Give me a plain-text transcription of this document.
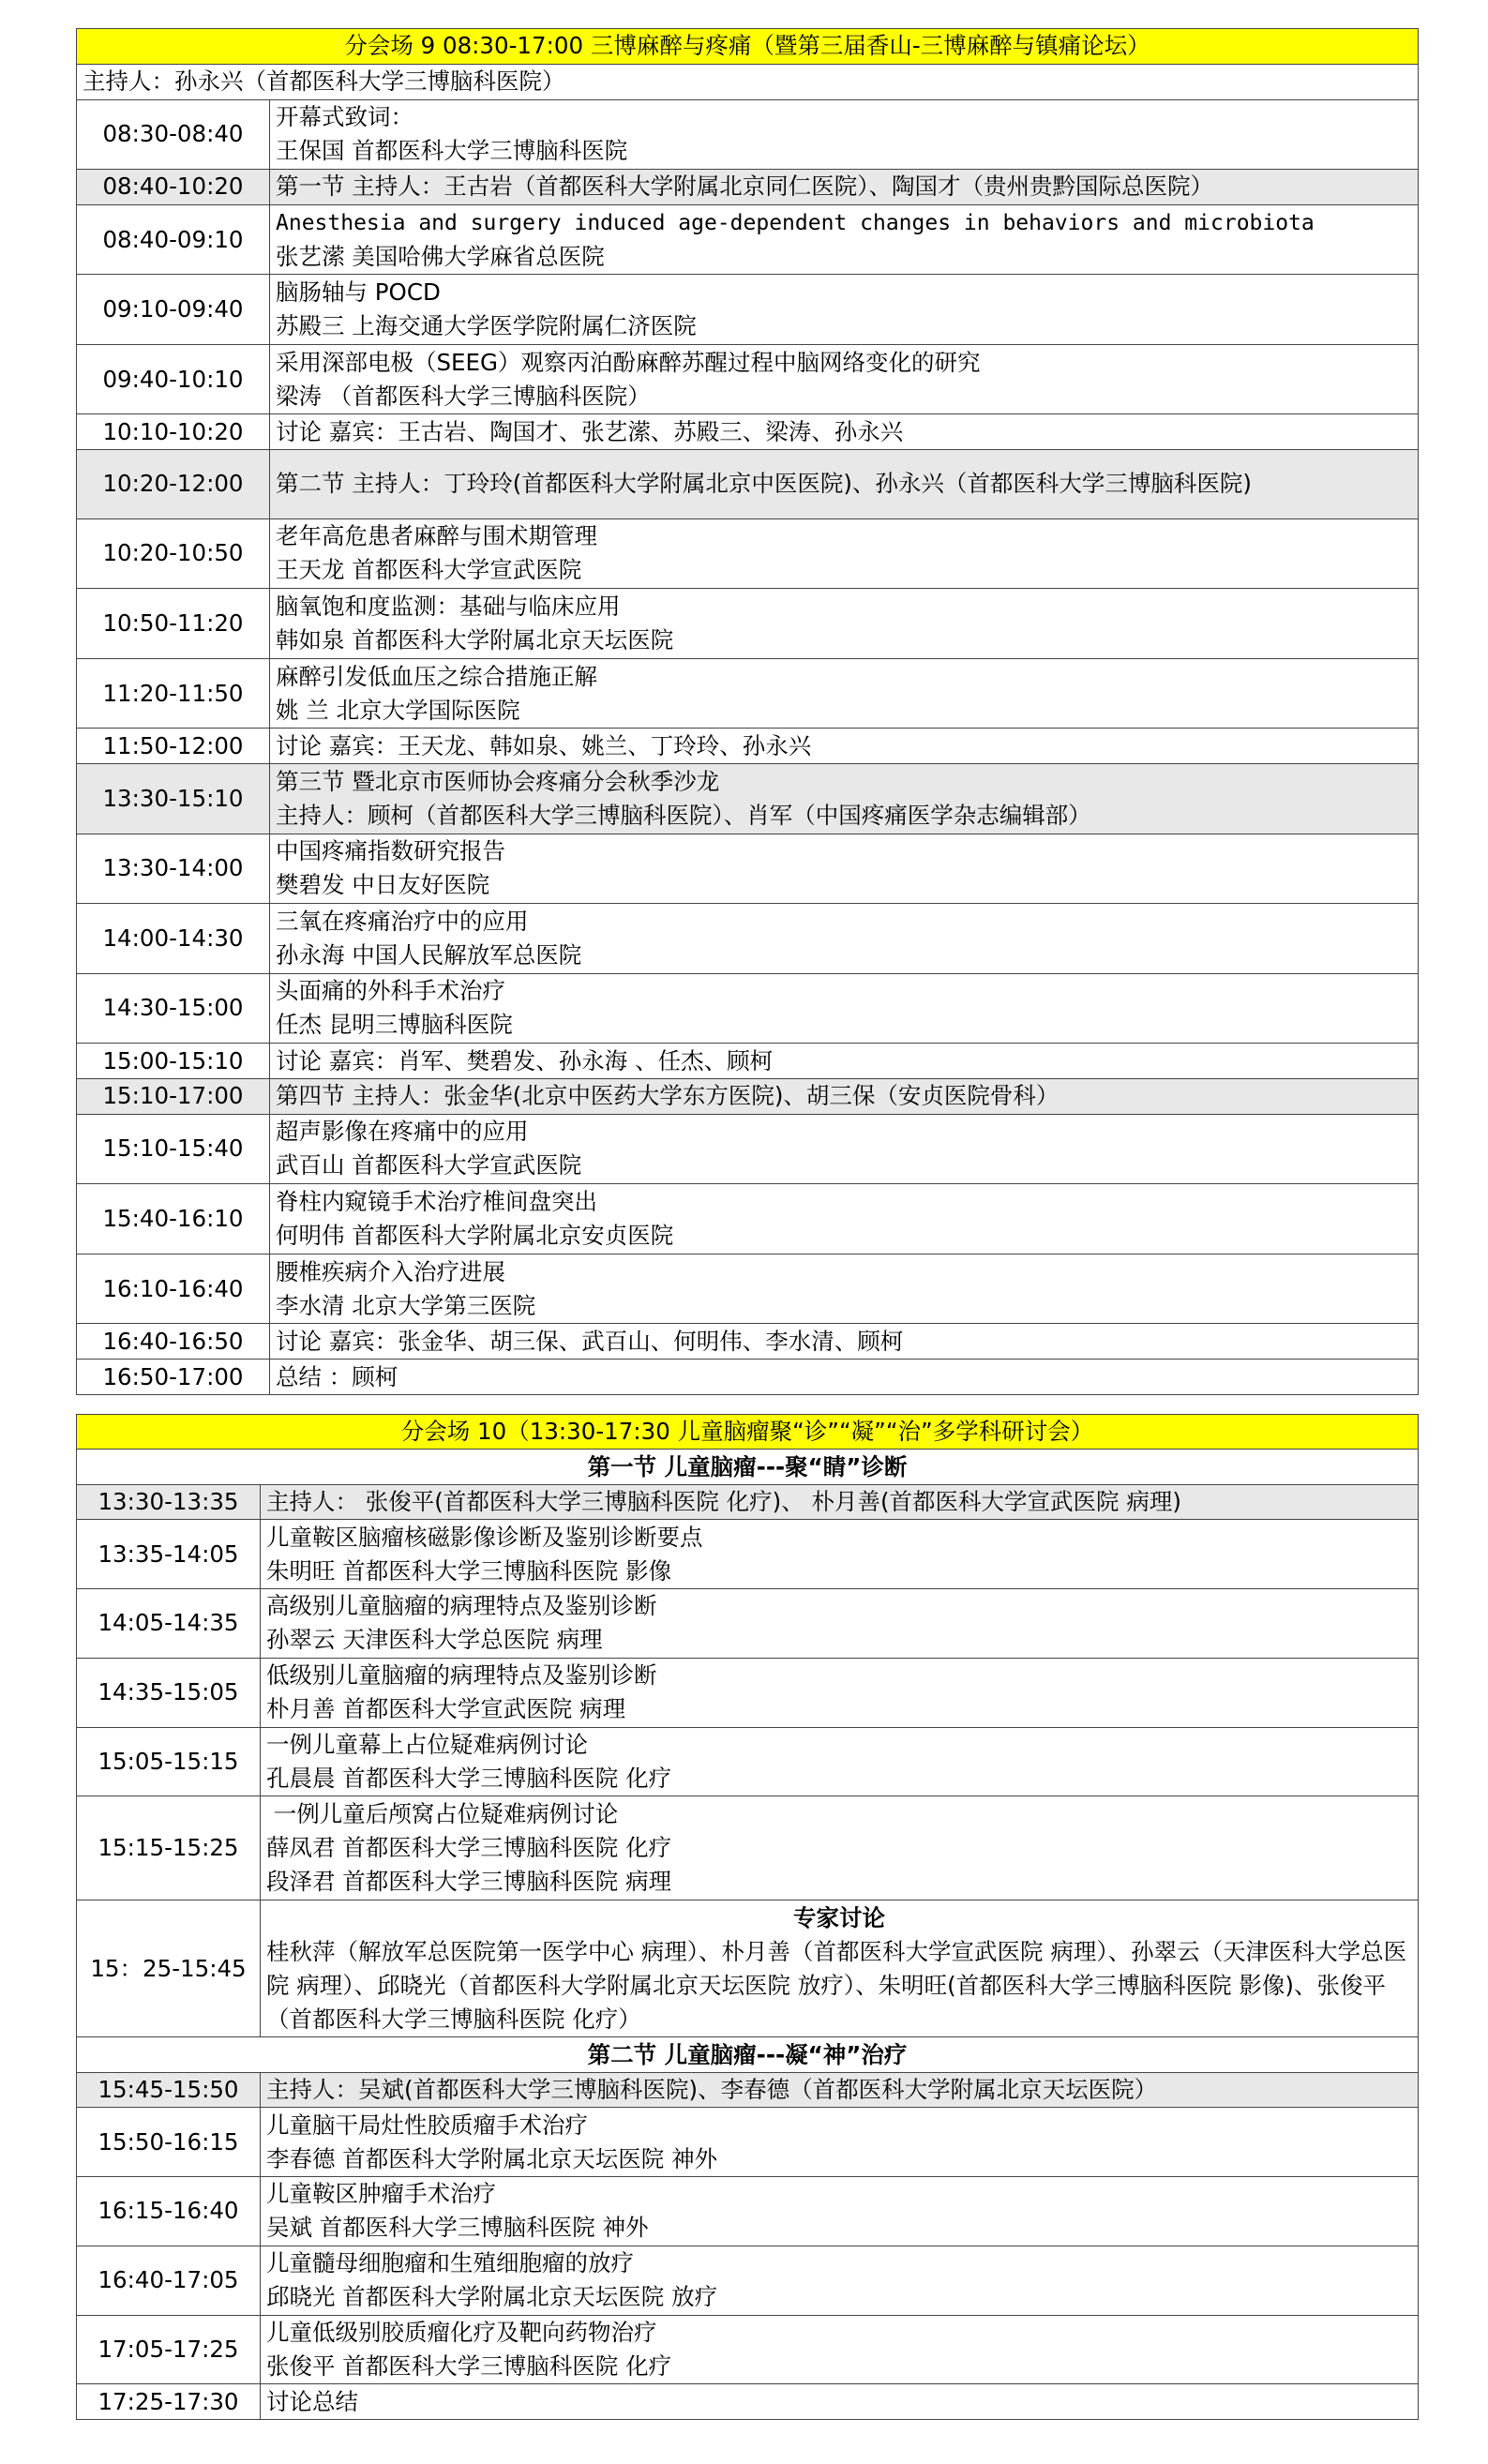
分会场 9 08:30-17:00 三博麻醉与疼痛（暨第三届香山-三博麻醉与镇痛论坛）	
主持人：孙永兴（首都医科大学三博脑科医院）	
08:30-08:40	开幕式致词：
王保国 首都医科大学三博脑科医院

08:40-10:20	第一节 主持人：王古岩（首都医科大学附属北京同仁医院）、陶国才（贵州贵黔国际总医院）

08:40-09:10	Anesthesia and surgery induced age-dependent changes in behaviors and microbiota
张艺潆 美国哈佛大学麻省总医院

09:10-09:40	脑肠轴与 POCD
苏殿三 上海交通大学医学院附属仁济医院

09:40-10:10	采用深部电极（SEEG）观察丙泊酚麻醉苏醒过程中脑网络变化的研究
梁涛 （首都医科大学三博脑科医院）

10:10-10:20	讨论 嘉宾：王古岩、陶国才、张艺潆、苏殿三、梁涛、孙永兴

10:20-12:00	第二节 主持人：丁玲玲(首都医科大学附属北京中医医院)、孙永兴（首都医科大学三博脑科医院)

10:20-10:50	老年高危患者麻醉与围术期管理
王天龙 首都医科大学宣武医院

10:50-11:20	脑氧饱和度监测：基础与临床应用
韩如泉 首都医科大学附属北京天坛医院

11:20-11:50	麻醉引发低血压之综合措施正解
姚 兰 北京大学国际医院

11:50-12:00	讨论 嘉宾：王天龙、韩如泉、姚兰、丁玲玲、孙永兴

13:30-15:10	第三节 暨北京市医师协会疼痛分会秋季沙龙
主持人：顾柯（首都医科大学三博脑科医院）、肖军（中国疼痛医学杂志编辑部）

13:30-14:00	中国疼痛指数研究报告
樊碧发 中日友好医院

14:00-14:30	三氧在疼痛治疗中的应用
孙永海 中国人民解放军总医院

14:30-15:00	头面痛的外科手术治疗
任杰 昆明三博脑科医院

15:00-15:10	讨论 嘉宾：肖军、樊碧发、孙永海 、任杰、顾柯

15:10-17:00	第四节 主持人：张金华(北京中医药大学东方医院)、胡三保（安贞医院骨科）

15:10-15:40	超声影像在疼痛中的应用
武百山 首都医科大学宣武医院

15:40-16:10	脊柱内窥镜手术治疗椎间盘突出
何明伟 首都医科大学附属北京安贞医院

16:10-16:40	腰椎疾病介入治疗进展
李水清 北京大学第三医院

16:40-16:50	讨论 嘉宾：张金华、胡三保、武百山、何明伟、李水清、顾柯

16:50-17:00	总结 ：顾柯
分会场 10（13:30-17:30 儿童脑瘤聚“诊”“凝”“治”多学科研讨会）	
第一节 儿童脑瘤---聚“睛”诊断	
13:30-13:35	主持人： 张俊平(首都医科大学三博脑科医院 化疗)、 朴月善(首都医科大学宣武医院 病理)

13:35-14:05	儿童鞍区脑瘤核磁影像诊断及鉴别诊断要点
朱明旺 首都医科大学三博脑科医院 影像

14:05-14:35	高级别儿童脑瘤的病理特点及鉴别诊断
孙翠云 天津医科大学总医院 病理

14:35-15:05	低级别儿童脑瘤的病理特点及鉴别诊断
朴月善 首都医科大学宣武医院 病理

15:05-15:15	一例儿童幕上占位疑难病例讨论
孔晨晨 首都医科大学三博脑科医院 化疗

15:15-15:25	一例儿童后颅窝占位疑难病例讨论
薛凤君 首都医科大学三博脑科医院 化疗
段泽君 首都医科大学三博脑科医院 病理

15：25-15:45	专家讨论
桂秋萍（解放军总医院第一医学中心 病理）、朴月善（首都医科大学宣武医院 病理）、孙翠云（天津医科大学总医院 病理）、邱晓光（首都医科大学附属北京天坛医院 放疗）、朱明旺(首都医科大学三博脑科医院 影像)、张俊平 （首都医科大学三博脑科医院 化疗）

第二节 儿童脑瘤---凝“神”治疗	
15:45-15:50	主持人：吴斌(首都医科大学三博脑科医院)、李春德（首都医科大学附属北京天坛医院）

15:50-16:15	儿童脑干局灶性胶质瘤手术治疗
李春德 首都医科大学附属北京天坛医院 神外

16:15-16:40	儿童鞍区肿瘤手术治疗
吴斌 首都医科大学三博脑科医院 神外

16:40-17:05	儿童髓母细胞瘤和生殖细胞瘤的放疗
邱晓光 首都医科大学附属北京天坛医院 放疗

17:05-17:25	儿童低级别胶质瘤化疗及靶向药物治疗
张俊平 首都医科大学三博脑科医院 化疗

17:25-17:30	讨论总结
